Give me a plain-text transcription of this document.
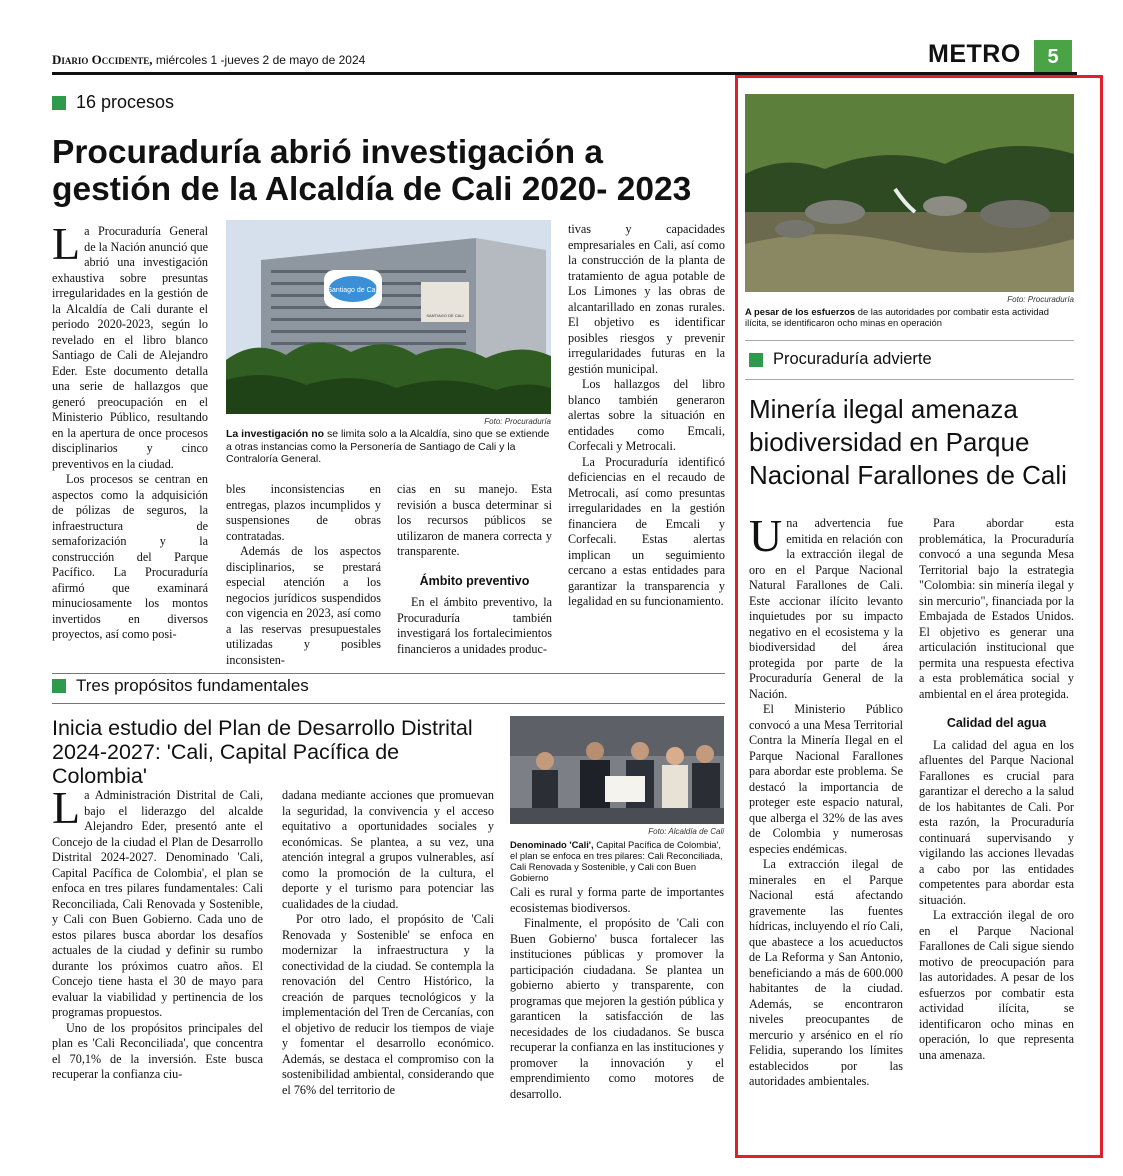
Diario Occidente, miércoles 1 -jueves 2 de mayo de 2024	METRO	5
16 procesos
Procuraduría abrió investigación a gestión de la Alcaldía de Cali 2020- 2023

La Procuraduría General de la Nación anunció que abrió una investigación exhaustiva sobre presuntas irregularidades en la gestión de la Alcaldía de Cali durante el periodo 2020-2023, según lo revelado en el libro blanco Santiago de Cali de Alejandro Eder. Este documento detalla una serie de hallazgos que generó preocupación en el Ministerio Público, resultando en la apertura de once procesos disciplinarios y cinco preventivos en la ciudad.

Los procesos se centran en aspectos como la adquisición de pólizas de seguros, la infraestructura de semaforización y la construcción del Parque Pacífico. La Procuraduría afirmó que examinará minuciosamente los montos invertidos en diversos proyectos, así como posi-

Santiago de Cali
SANTIAGO DE CALI
Foto: Procuraduría
La investigación no se limita solo a la Alcaldía, sino que se extiende a otras instancias como la Personería de Santiago de Cali y la Contraloría General.

bles inconsistencias en entregas, plazos incumplidos y suspensiones de obras contratadas.

Además de los aspectos disciplinarios, se prestará especial atención a los negocios jurídicos suspendidos con vigencia en 2023, así como a las reservas presupuestales utilizadas y posibles inconsisten-

cias en su manejo. Esta revisión a busca determinar si los recursos públicos se utilizaron de manera correcta y transparente.

Ámbito preventivo

En el ámbito preventivo, la Procuraduría también investigará los fortalecimientos financieros a unidades produc-

tivas y capacidades empresariales en Cali, así como la construcción de la planta de tratamiento de agua potable de Los Limones y las obras de alcantarillado en zonas rurales. El objetivo es identificar posibles riesgos y prevenir irregularidades futuras en la gestión municipal.

Los hallazgos del libro blanco también generaron alertas sobre la situación en entidades como Emcali, Corfecali y Metrocali.

La Procuraduría identificó deficiencias en el recaudo de Metrocali, así como presuntas irregularidades en la gestión financiera de Emcali y Corfecali. Estas alertas implican un seguimiento cercano a estas entidades para garantizar la transparencia y legalidad en su funcionamiento.

Tres propósitos fundamentales
Inicia estudio del Plan de Desarrollo Distrital 2024-2027: 'Cali, Capital Pacífica de Colombia'

La Administración Distrital de Cali, bajo el liderazgo del alcalde Alejandro Eder, presentó ante el Concejo de la ciudad el Plan de Desarrollo Distrital 2024-2027. Denominado 'Cali, Capital Pacífica de Colombia', el plan se enfoca en tres pilares fundamentales: Cali Reconciliada, Cali Renovada y Sostenible, y Cali con Buen Gobierno. Cada uno de estos pilares busca abordar los desafíos actuales de la ciudad y definir su rumbo durante los próximos cuatro años. El Concejo tiene hasta el 30 de mayo para evaluar la viabilidad y pertinencia de los programas propuestos.

Uno de los propósitos principales del plan es 'Cali Reconciliada', que concentra el 70,1% de la inversión. Este busca recuperar la confianza ciu-

dadana mediante acciones que promuevan la seguridad, la convivencia y el acceso equitativo a oportunidades sociales y económicas. Se plantea, a su vez, una atención integral a grupos vulnerables, así como la promoción de la cultura, el deporte y el turismo para potenciar las cualidades de la ciudad.

Por otro lado, el propósito de 'Cali Renovada y Sostenible' se enfoca en modernizar la infraestructura y la conectividad de la ciudad. Se contempla la renovación del Centro Histórico, la creación de parques tecnológicos y la implementación del Tren de Cercanías, con el objetivo de reducir los tiempos de viaje y fomentar el desarrollo económico. Además, se destaca el compromiso con la sostenibilidad ambiental, considerando que el 76% del territorio de

Foto: Alcaldía de Cali
Denominado 'Cali', Capital Pacífica de Colombia', el plan se enfoca en tres pilares: Cali Reconciliada, Cali Renovada y Sostenible, y Cali con Buen Gobierno

Cali es rural y forma parte de importantes ecosistemas biodiversos.

Finalmente, el propósito de 'Cali con Buen Gobierno' busca fortalecer las instituciones públicas y promover la participación ciudadana. Se plantea un gobierno abierto y transparente, con programas que mejoren la gestión pública y garanticen la satisfacción de las necesidades de los ciudadanos. Se busca recuperar la confianza en las instituciones y promover la innovación y el emprendimiento como motores de desarrollo.

Foto: Procuraduría
A pesar de los esfuerzos de las autoridades por combatir esta actividad ilícita, se identificaron ocho minas en operación
Procuraduría advierte
Minería ilegal amenaza biodiversidad en Parque Nacional Farallones de Cali

Una advertencia fue emitida en relación con la extracción ilegal de oro en el Parque Nacional Natural Farallones de Cali. Este accionar ilícito levanto inquietudes por su impacto negativo en el ecosistema y la biodiversidad del área protegida por parte de la Procuraduría General de la Nación.

El Ministerio Público convocó a una Mesa Territorial Contra la Minería Ilegal en el Parque Nacional Farallones para abordar este problema. Se destacó la importancia de proteger este espacio natural, que alberga el 32% de las aves de Colombia y numerosas especies endémicas.

La extracción ilegal de minerales en el Parque Nacional está afectando gravemente las fuentes hídricas, incluyendo el río Cali, que abastece a los acueductos de La Reforma y San Antonio, beneficiando a más de 600.000 habitantes de la ciudad. Además, se encontraron niveles preocupantes de mercurio y arsénico en el río Felidia, superando los límites establecidos por las autoridades ambientales.

Para abordar esta problemática, la Procuraduría convocó a una segunda Mesa Territorial bajo la estrategia "Colombia: sin minería ilegal y sin mercurio", financiada por la Embajada de Estados Unidos. El objetivo es generar una articulación institucional que permita una respuesta efectiva a esta problemática social y ambiental en el área protegida.

Calidad del agua

La calidad del agua en los afluentes del Parque Nacional Farallones es crucial para garantizar el derecho a la salud de los habitantes de Cali. Por esta razón, la Procuraduría continuará supervisando y vigilando las acciones llevadas a cabo por las entidades competentes para abordar esta situación.

La extracción ilegal de oro en el Parque Nacional Farallones de Cali sigue siendo motivo de preocupación para las autoridades. A pesar de los esfuerzos por combatir esta actividad ilícita, se identificaron ocho minas en operación, lo que representa una amenaza.
